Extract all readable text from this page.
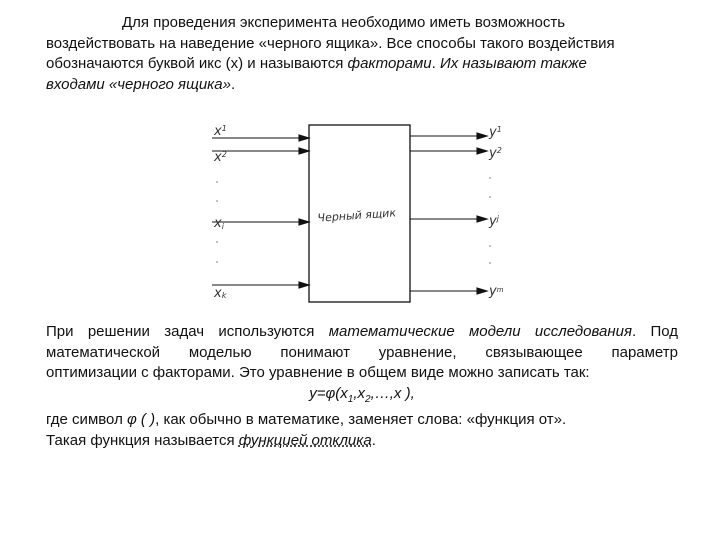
Для проведения эксперимента необходимо иметь возможность
воздействовать на наведение «черного ящика». Все способы такого воздействия
обозначаются буквой икс (x) и называются факторами. Их называют также
входами «черного ящика».
Черный ящик
$x^1$
$x^2$
xi
xk
$y^1$
$y^2$
$y^j$
$y^m$
При решении задач используются математические модели исследования. Под
математической моделью понимают уравнение, связывающее параметр
оптимизации с факторами. Это уравнение в общем виде можно записать так:
$y=\varphi(x_1,x_2,\dots,x$ ),
где символ φ ( ), как обычно в математике, заменяет слова: «функция от».
Такая функция называется функцией отклика.
